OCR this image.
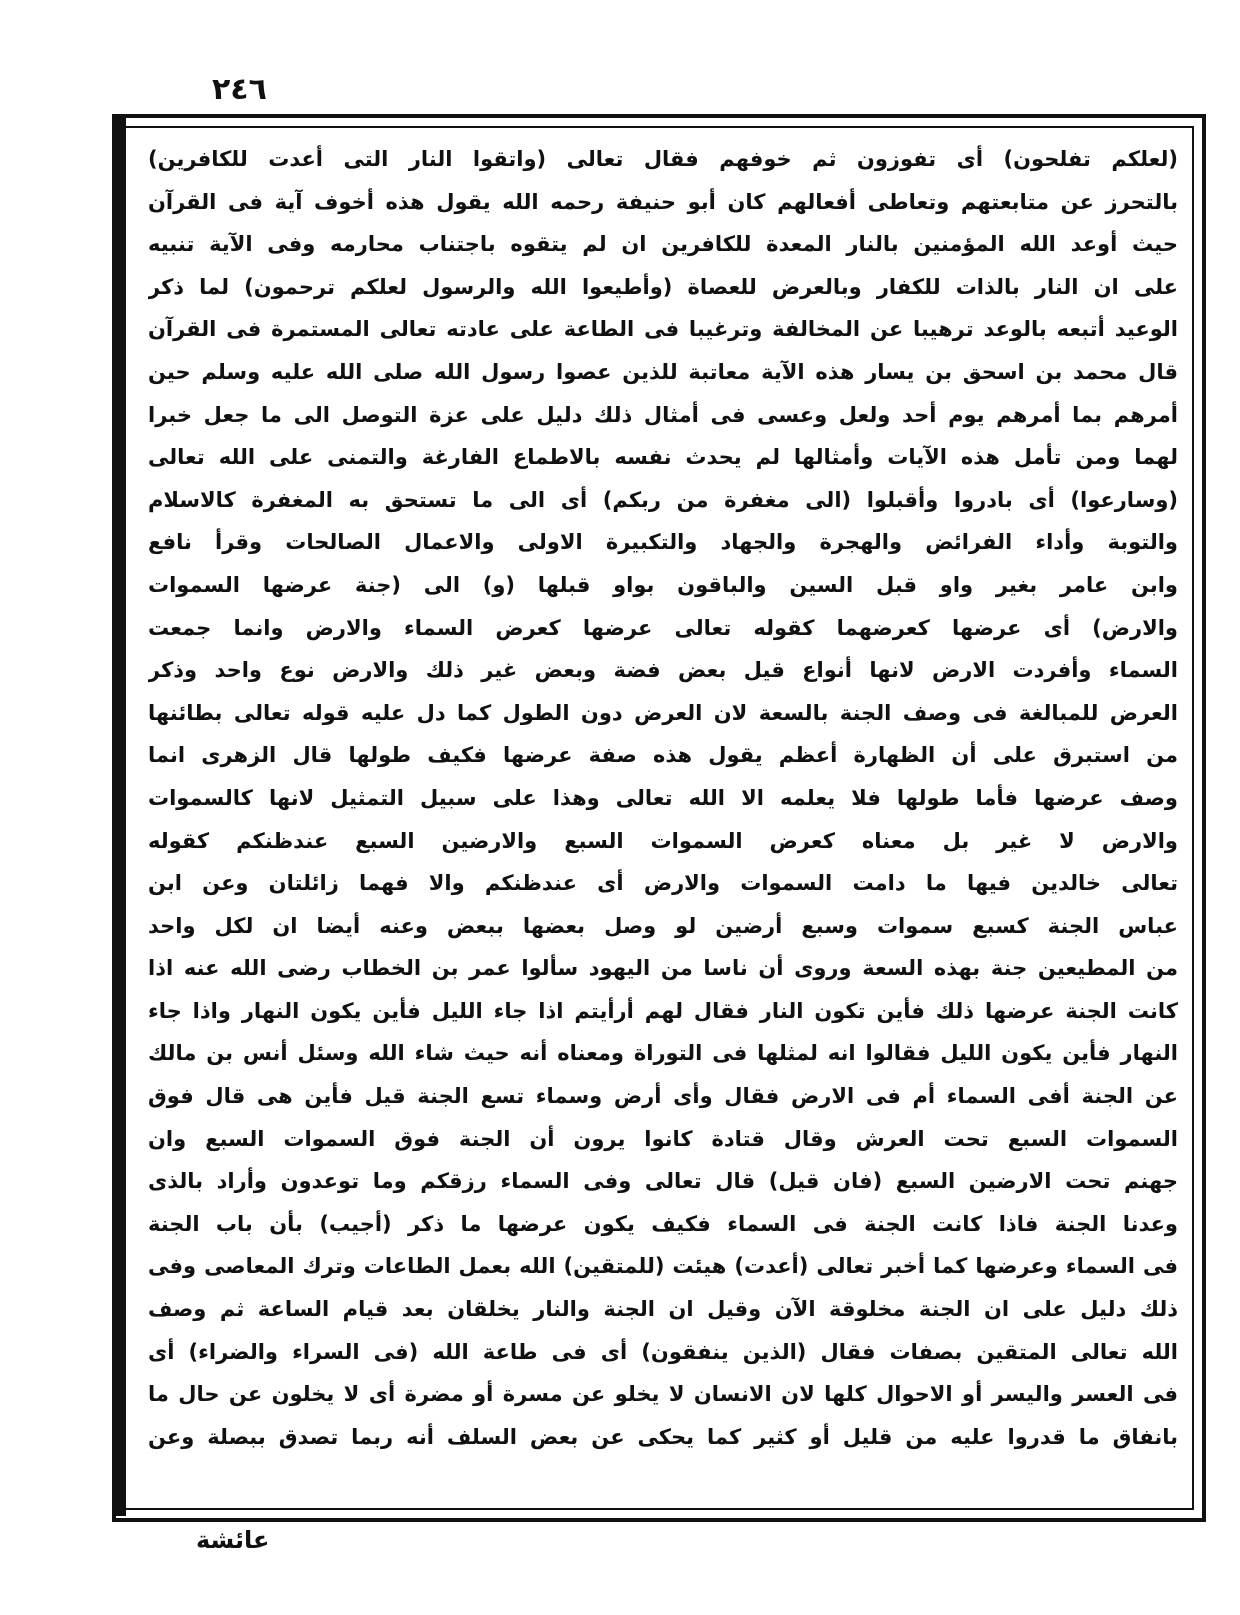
٢٤٦
(لعلكم تفلحون) أى تفوزون ثم خوفهم فقال تعالى (واتقوا النار التى أعدت للكافرين)
بالتحرز عن متابعتهم وتعاطى أفعالهم كان أبو حنيفة رحمه الله يقول هذه أخوف آية فى القرآن
حيث أوعد الله المؤمنين بالنار المعدة للكافرين ان لم يتقوه باجتناب محارمه وفى الآية تنبيه
على ان النار بالذات للكفار وبالعرض للعصاة (وأطيعوا الله والرسول لعلكم ترحمون) لما ذكر
الوعيد أتبعه بالوعد ترهيبا عن المخالفة وترغيبا فى الطاعة على عادته تعالى المستمرة فى القرآن
قال محمد بن اسحق بن يسار هذه الآية معاتبة للذين عصوا رسول الله صلى الله عليه وسلم حين
أمرهم بما أمرهم يوم أحد ولعل وعسى فى أمثال ذلك دليل على عزة التوصل الى ما جعل خبرا
لهما ومن تأمل هذه الآيات وأمثالها لم يحدث نفسه بالاطماع الفارغة والتمنى على الله تعالى
(وسارعوا) أى بادروا وأقبلوا (الى مغفرة من ربكم) أى الى ما تستحق به المغفرة كالاسلام
والتوبة وأداء الفرائض والهجرة والجهاد والتكبيرة الاولى والاعمال الصالحات وقرأ نافع
وابن عامر بغير واو قبل السين والباقون بواو قبلها (و) الى (جنة عرضها السموات
والارض) أى عرضها كعرضهما كقوله تعالى عرضها كعرض السماء والارض وانما جمعت
السماء وأفردت الارض لانها أنواع قيل بعض فضة وبعض غير ذلك والارض نوع واحد وذكر
العرض للمبالغة فى وصف الجنة بالسعة لان العرض دون الطول كما دل عليه قوله تعالى بطائنها
من استبرق على أن الظهارة أعظم يقول هذه صفة عرضها فكيف طولها قال الزهرى انما
وصف عرضها فأما طولها فلا يعلمه الا الله تعالى وهذا على سبيل التمثيل لانها كالسموات
والارض لا غير بل معناه كعرض السموات السبع والارضين السبع عندظنكم كقوله
تعالى خالدين فيها ما دامت السموات والارض أى عندظنكم والا فهما زائلتان وعن ابن
عباس الجنة كسبع سموات وسبع أرضين لو وصل بعضها ببعض وعنه أيضا ان لكل واحد
من المطيعين جنة بهذه السعة وروى أن ناسا من اليهود سألوا عمر بن الخطاب رضى الله عنه اذا
كانت الجنة عرضها ذلك فأين تكون النار فقال لهم أرأيتم اذا جاء الليل فأين يكون النهار واذا جاء
النهار فأين يكون الليل فقالوا انه لمثلها فى التوراة ومعناه أنه حيث شاء الله وسئل أنس بن مالك
عن الجنة أفى السماء أم فى الارض فقال وأى أرض وسماء تسع الجنة قيل فأين هى قال فوق
السموات السبع تحت العرش وقال قتادة كانوا يرون أن الجنة فوق السموات السبع وان
جهنم تحت الارضين السبع (فان قيل) قال تعالى وفى السماء رزقكم وما توعدون وأراد بالذى
وعدنا الجنة فاذا كانت الجنة فى السماء فكيف يكون عرضها ما ذكر (أجيب) بأن باب الجنة
فى السماء وعرضها كما أخبر تعالى (أعدت) هيئت (للمتقين) الله بعمل الطاعات وترك المعاصى وفى
ذلك دليل على ان الجنة مخلوقة الآن وقيل ان الجنة والنار يخلقان بعد قيام الساعة ثم وصف
الله تعالى المتقين بصفات فقال (الذين ينفقون) أى فى طاعة الله (فى السراء والضراء) أى
فى العسر واليسر أو الاحوال كلها لان الانسان لا يخلو عن مسرة أو مضرة أى لا يخلون عن حال ما
بانفاق ما قدروا عليه من قليل أو كثير كما يحكى عن بعض السلف أنه ربما تصدق ببصلة وعن
عائشة
